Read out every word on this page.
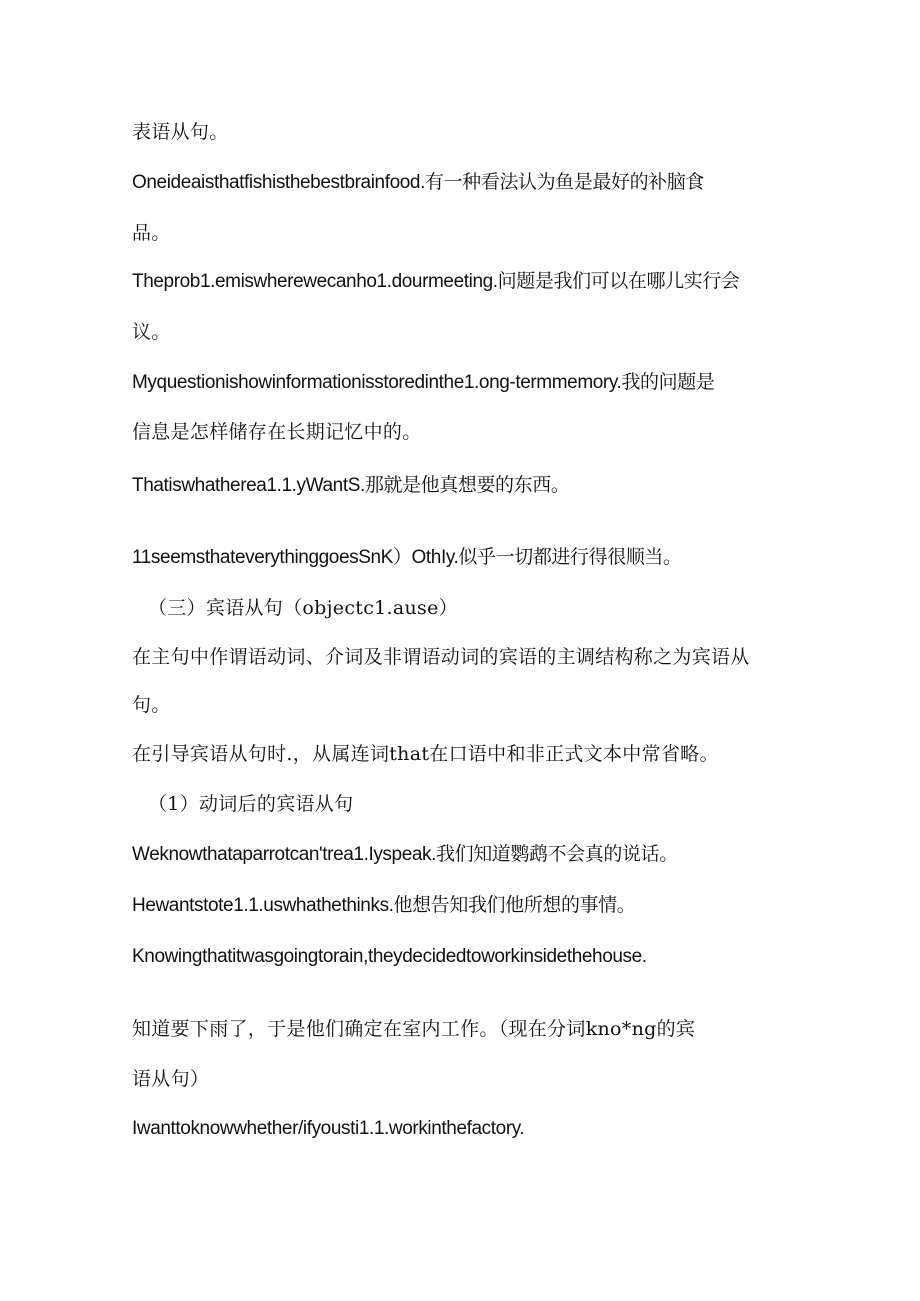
表语从句。
Oneideaisthatfishisthebestbrainfood.有一种看法认为鱼是最好的补脑食
品。
Theprob1.emiswherewecanho1.dourmeeting.问题是我们可以在哪儿实行会
议。
Myquestionishowinformationisstoredinthe1.ong-termmemory.我的问题是
信息是怎样储存在长期记忆中的。
Thatiswhatherea1.1.yWantS.那就是他真想要的东西。
11seemsthateverythinggoesSnK）OthIy.似乎一切都进行得很顺当。
（三）宾语从句（objectc1.ause）
在主句中作谓语动词、介词及非谓语动词的宾语的主调结构称之为宾语从
句。
在引导宾语从句时.，从属连词that在口语中和非正式文本中常省略。
（1）动词后的宾语从句
Weknowthataparrotcan'trea1.Iyspeak.我们知道鹦鹉不会真的说话。
Hewantstote1.1.uswhathethinks.他想告知我们他所想的事情。
Knowingthatitwasgoingtorain,theydecidedtoworkinsidethehouse.
知道要下雨了，于是他们确定在室内工作。（现在分词kno*ng的宾
语从句）
Iwanttoknowwhether/ifyousti1.1.workinthefactory.
